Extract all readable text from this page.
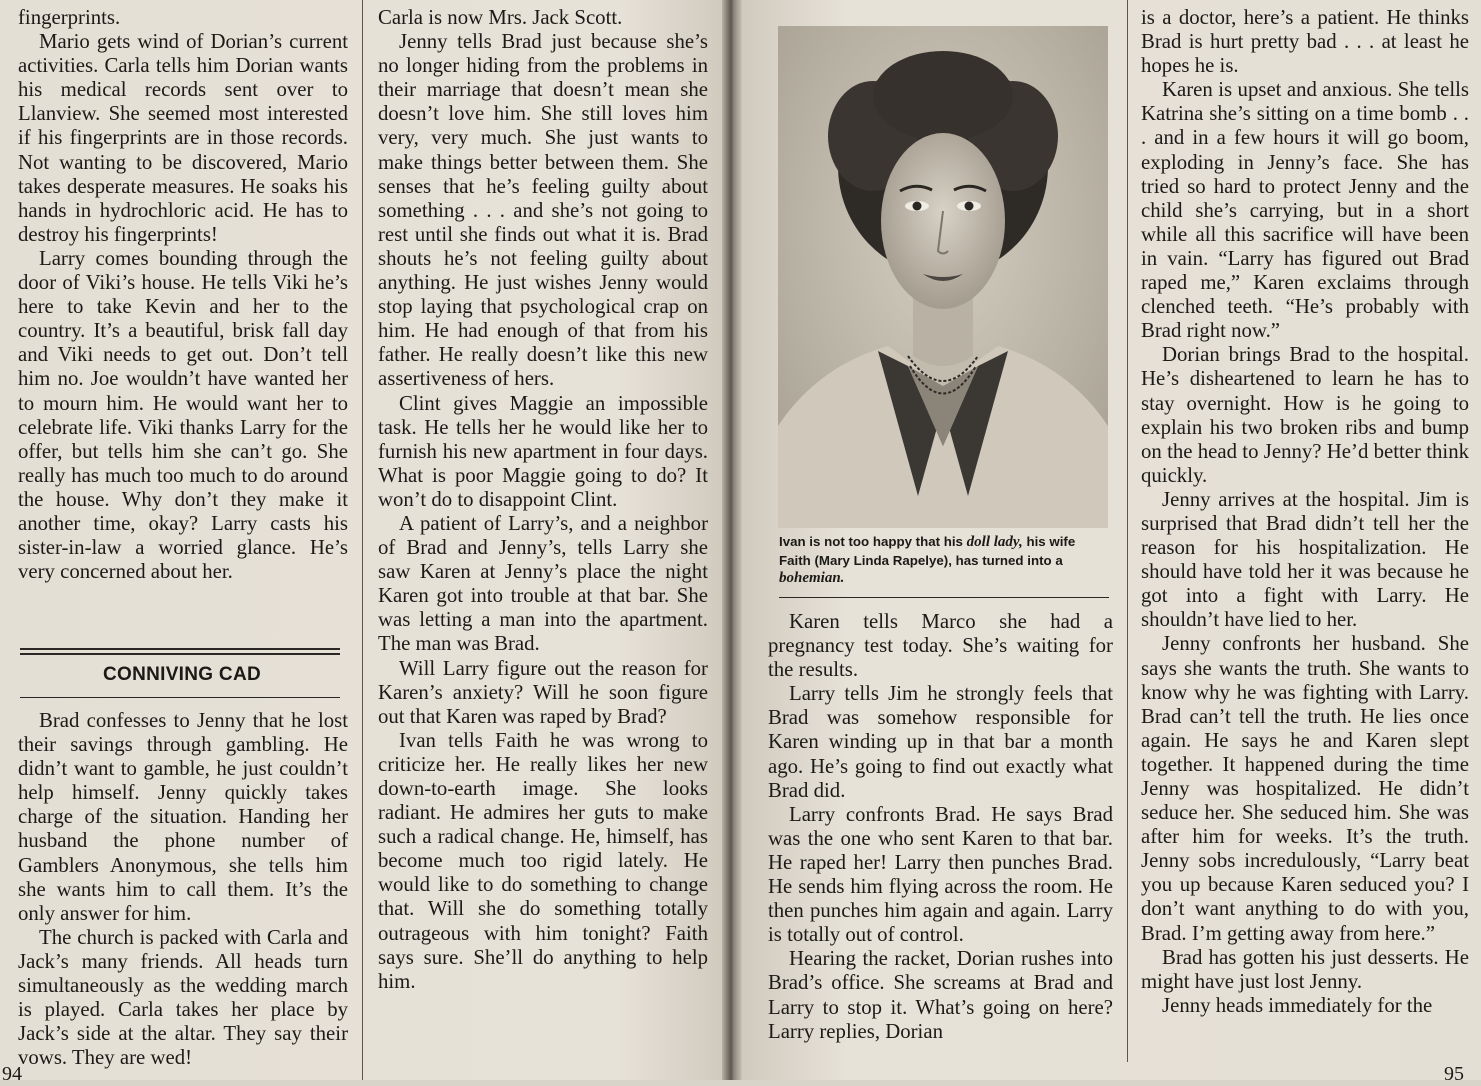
fingerprints.

Mario gets wind of Dorian’s current activities. Carla tells him Dorian wants his medical records sent over to Llanview. She seemed most interested if his fingerprints are in those records. Not wanting to be discovered, Mario takes desperate measures. He soaks his hands in hydrochloric acid. He has to destroy his fingerprints!

Larry comes bounding through the door of Viki’s house. He tells Viki he’s here to take Kevin and her to the country. It’s a beautiful, brisk fall day and Viki needs to get out. Don’t tell him no. Joe wouldn’t have wanted her to mourn him. He would want her to celebrate life. Viki thanks Larry for the offer, but tells him she can’t go. She really has much too much to do around the house. Why don’t they make it another time, okay? Larry casts his sister-in-law a worried glance. He’s very concerned about her.

CONNIVING CAD

Brad confesses to Jenny that he lost their savings through gambling. He didn’t want to gamble, he just couldn’t help himself. Jenny quickly takes charge of the situation. Handing her husband the phone number of Gamblers Anonymous, she tells him she wants him to call them. It’s the only answer for him.

The church is packed with Carla and Jack’s many friends. All heads turn simultaneously as the wedding march is played. Carla takes her place by Jack’s side at the altar. They say their vows. They are wed!

Carla is now Mrs. Jack Scott.

Jenny tells Brad just because she’s no longer hiding from the problems in their marriage that doesn’t mean she doesn’t love him. She still loves him very, very much. She just wants to make things better between them. She senses that he’s feeling guilty about something . . . and she’s not going to rest until she finds out what it is. Brad shouts he’s not feeling guilty about anything. He just wishes Jenny would stop laying that psychological crap on him. He had enough of that from his father. He really doesn’t like this new assertiveness of hers.

Clint gives Maggie an impossible task. He tells her he would like her to furnish his new apartment in four days. What is poor Maggie going to do? It won’t do to disappoint Clint.

A patient of Larry’s, and a neighbor of Brad and Jenny’s, tells Larry she saw Karen at Jenny’s place the night Karen got into trouble at that bar. She was letting a man into the apartment. The man was Brad.

Will Larry figure out the reason for Karen’s anxiety? Will he soon figure out that Karen was raped by Brad?

Ivan tells Faith he was wrong to criticize her. He really likes her new down-to-earth image. She looks radiant. He admires her guts to make such a radical change. He, himself, has become much too rigid lately. He would like to do something to change that. Will she do something totally outrageous with him tonight? Faith says sure. She’ll do anything to help him.

94
Ivan is not too happy that his doll lady, his wife Faith (Mary Linda Rapelye), has turned into a bohemian.

Karen tells Marco she had a pregnancy test today. She’s waiting for the results.

Larry tells Jim he strongly feels that Brad was somehow responsible for Karen winding up in that bar a month ago. He’s going to find out exactly what Brad did.

Larry confronts Brad. He says Brad was the one who sent Karen to that bar. He raped her! Larry then punches Brad. He sends him flying across the room. He then punches him again and again. Larry is totally out of control.

Hearing the racket, Dorian rushes into Brad’s office. She screams at Brad and Larry to stop it. What’s going on here? Larry replies, Dorian

is a doctor, here’s a patient. He thinks Brad is hurt pretty bad . . . at least he hopes he is.

Karen is upset and anxious. She tells Katrina she’s sitting on a time bomb . . . and in a few hours it will go boom, exploding in Jenny’s face. She has tried so hard to protect Jenny and the child she’s carrying, but in a short while all this sacrifice will have been in vain. “Larry has figured out Brad raped me,” Karen exclaims through clenched teeth. “He’s probably with Brad right now.”

Dorian brings Brad to the hospital. He’s disheartened to learn he has to stay overnight. How is he going to explain his two broken ribs and bump on the head to Jenny? He’d better think quickly.

Jenny arrives at the hospital. Jim is surprised that Brad didn’t tell her the reason for his hospitalization. He should have told her it was because he got into a fight with Larry. He shouldn’t have lied to her.

Jenny confronts her husband. She says she wants the truth. She wants to know why he was fighting with Larry. Brad can’t tell the truth. He lies once again. He says he and Karen slept together. It happened during the time Jenny was hospitalized. He didn’t seduce her. She seduced him. She was after him for weeks. It’s the truth. Jenny sobs incredulously, “Larry beat you up because Karen seduced you? I don’t want anything to do with you, Brad. I’m getting away from here.”

Brad has gotten his just desserts. He might have just lost Jenny.

Jenny heads immediately for the

95
